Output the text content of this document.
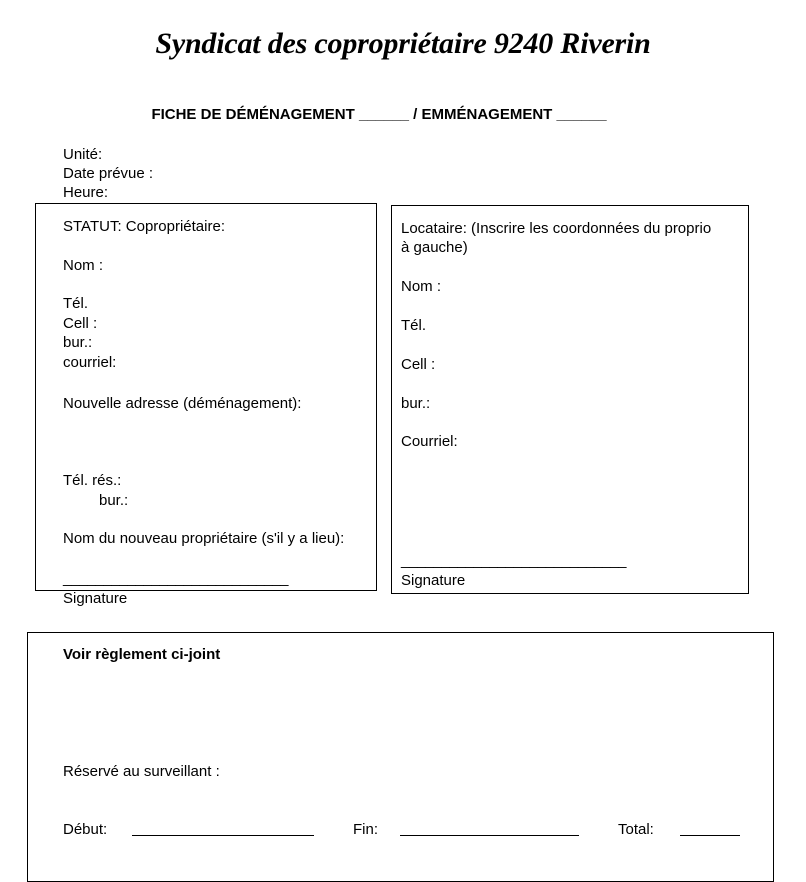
Syndicat des copropriétaire 9240 Riverin
FICHE DE DÉMÉNAGEMENT ______ / EMMÉNAGEMENT ______
Unité:
Date prévue :
Heure:
STATUT: Copropriétaire:
Nom :
Tél.
Cell :
bur.:
courriel:
Nouvelle adresse (déménagement):
Tél. rés.:
bur.:
Nom du nouveau propriétaire (s'il y a lieu):
____________________________
Signature
Locataire: (Inscrire les coordonnées du proprio
à gauche)
Nom :
Tél.
Cell :
bur.:
Courriel:
____________________________
Signature
Voir règlement ci-joint
Réservé au surveillant :
Début:	Fin:	Total:
